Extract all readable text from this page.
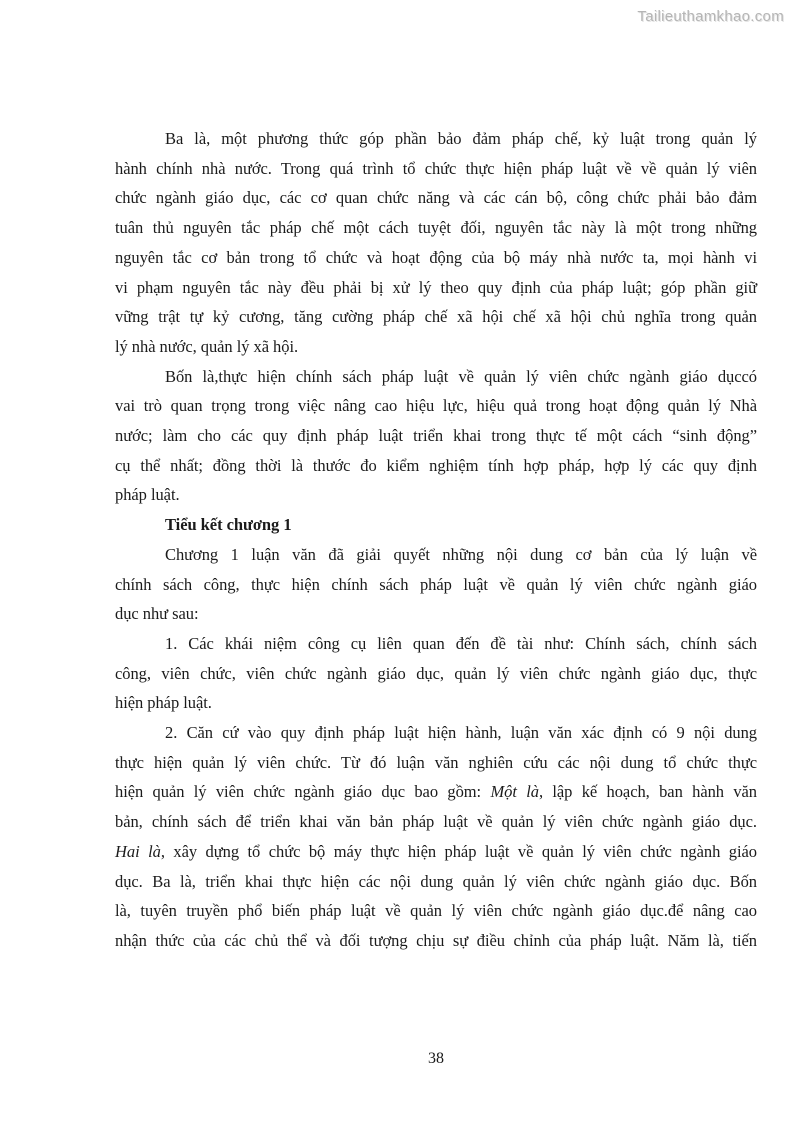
Tailieuthamkhao.com
Ba là, một phương thức góp phần bảo đảm pháp chế, kỷ luật trong quản lý
hành chính nhà nước. Trong quá trình tổ chức thực hiện pháp luật về về quản lý viên
chức ngành giáo dục, các cơ quan chức năng và các cán bộ, công chức phải bảo đảm
tuân thủ nguyên tắc pháp chế một cách tuyệt đối, nguyên tắc này là một trong những
nguyên tắc cơ bản trong tổ chức và hoạt động của bộ máy nhà nước ta, mọi hành vi
vi phạm nguyên tắc này đều phải bị xử lý theo quy định của pháp luật; góp phần giữ
vững trật tự kỷ cương, tăng cường pháp chế xã hội chế xã hội chủ nghĩa trong quản
lý nhà nước, quản lý xã hội.
Bốn là,thực hiện chính sách pháp luật về quản lý viên chức ngành giáo dụccó
vai trò quan trọng trong việc nâng cao hiệu lực, hiệu quả trong hoạt động quản lý Nhà
nước; làm cho các quy định pháp luật triển khai trong thực tế một cách “sinh động”
cụ thể nhất; đồng thời là thước đo kiểm nghiệm tính hợp pháp, hợp lý các quy định
pháp luật.
Tiểu kết chương 1
Chương 1 luận văn đã giải quyết những nội dung cơ bản của lý luận về
chính sách công, thực hiện chính sách pháp luật về quản lý viên chức ngành giáo
dục như sau:
1. Các khái niệm công cụ liên quan đến đề tài như: Chính sách, chính sách
công, viên chức, viên chức ngành giáo dục, quản lý viên chức ngành giáo dục, thực
hiện pháp luật.
2. Căn cứ vào quy định pháp luật hiện hành, luận văn xác định có 9 nội dung
thực hiện quản lý viên chức. Từ đó luận văn nghiên cứu các nội dung tổ chức thực
hiện quản lý viên chức ngành giáo dục bao gồm: Một là, lập kế hoạch, ban hành văn
bản, chính sách để triển khai văn bản pháp luật về quản lý viên chức ngành giáo dục.
Hai là, xây dựng tổ chức bộ máy thực hiện pháp luật về quản lý viên chức ngành giáo
dục. Ba là, triển khai thực hiện các nội dung quản lý viên chức ngành giáo dục. Bốn
là, tuyên truyền phổ biến pháp luật về quản lý viên chức ngành giáo dục.để nâng cao
nhận thức của các chủ thể và đối tượng chịu sự điều chỉnh của pháp luật. Năm là, tiến
38
